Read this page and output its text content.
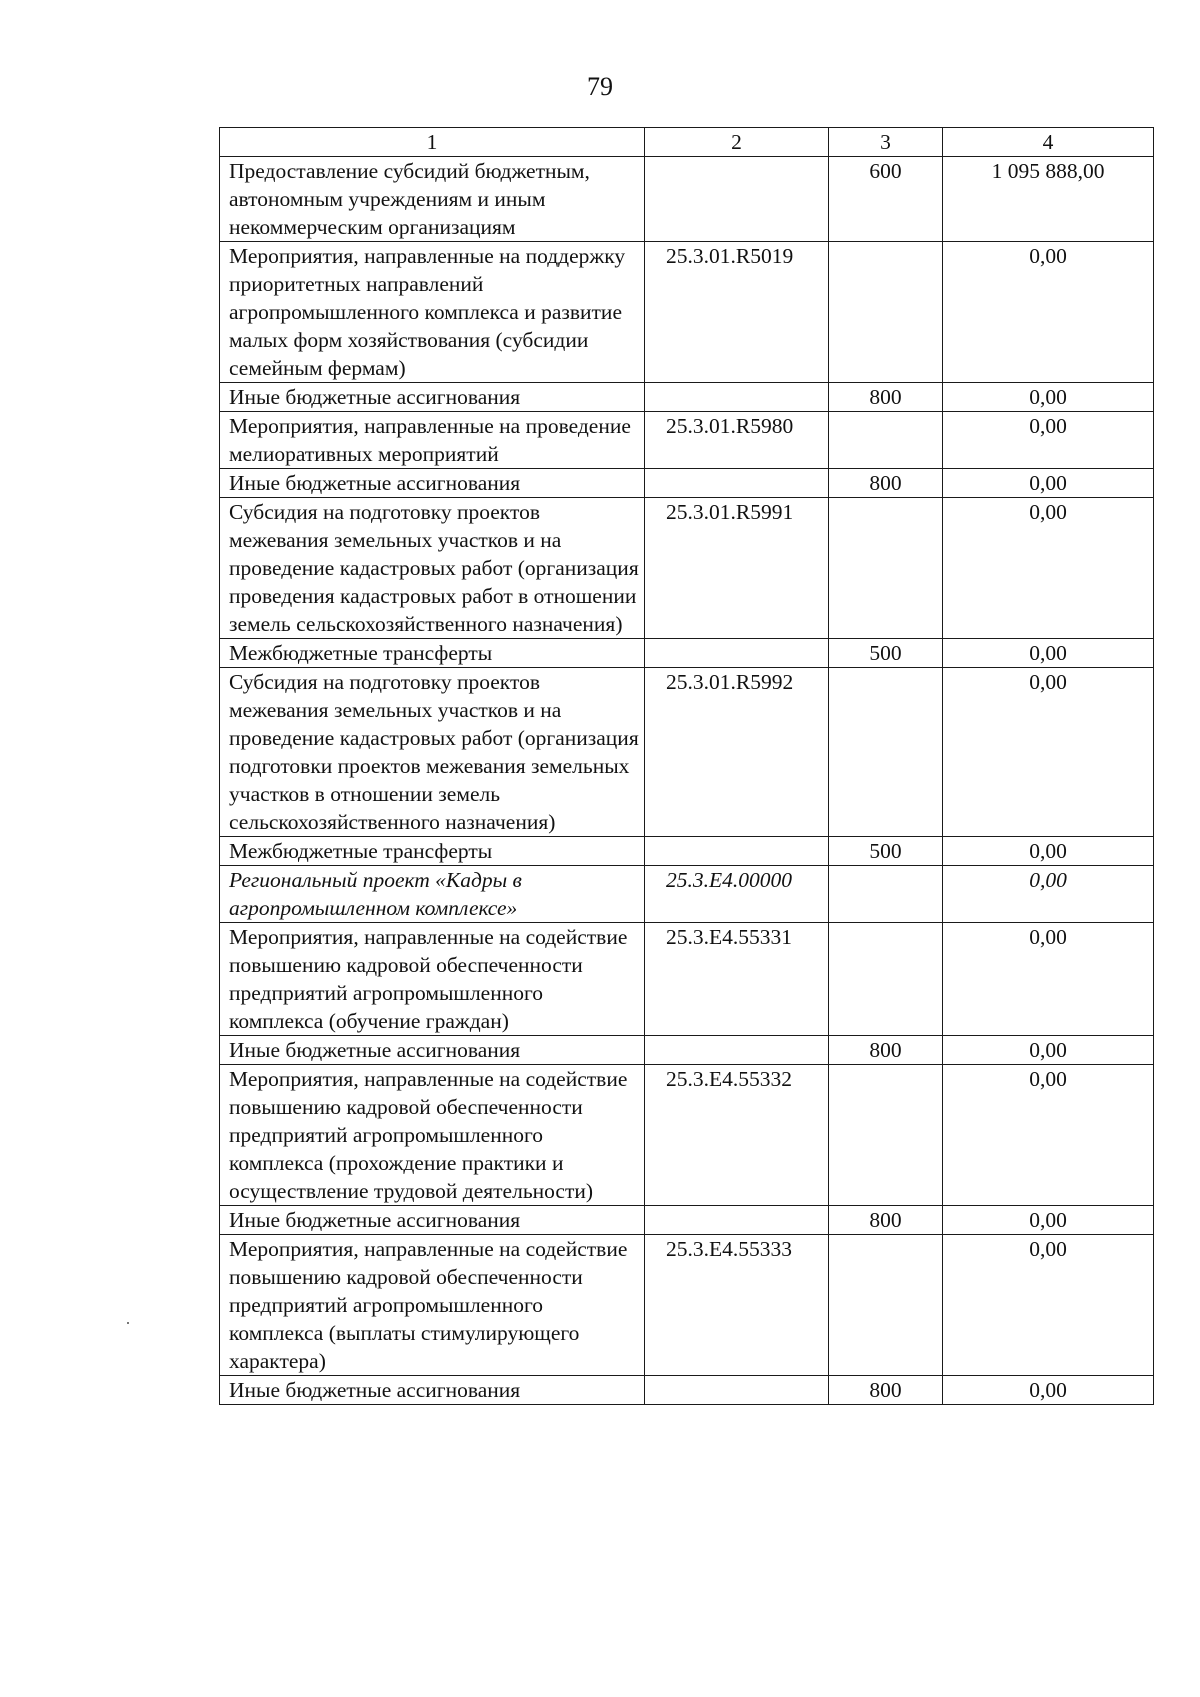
79
1	2	3	4
Предоставление субсидий бюджетным, автономным учреждениям и иным некоммерческим организациям		600	1 095 888,00
Мероприятия, направленные на поддержку приоритетных направлений агропромышленного комплекса и развитие малых форм хозяйствования (субсидии семейным фермам)	25.3.01.R5019		0,00
Иные бюджетные ассигнования		800	0,00
Мероприятия, направленные на проведение мелиоративных мероприятий	25.3.01.R5980		0,00
Иные бюджетные ассигнования		800	0,00
Субсидия на подготовку проектов межевания земельных участков и на проведение кадастровых работ (организация проведения кадастровых работ в отношении земель сельскохозяйственного назначения)	25.3.01.R5991		0,00
Межбюджетные трансферты		500	0,00
Субсидия на подготовку проектов межевания земельных участков и на проведение кадастровых работ (организация подготовки проектов межевания земельных участков в отношении земель сельскохозяйственного назначения)	25.3.01.R5992		0,00
Межбюджетные трансферты		500	0,00
Региональный проект «Кадры в агропромышленном комплексе»	25.3.E4.00000		0,00
Мероприятия, направленные на содействие повышению кадровой обеспеченности предприятий агропромышленного комплекса (обучение граждан)	25.3.E4.55331		0,00
Иные бюджетные ассигнования		800	0,00
Мероприятия, направленные на содействие повышению кадровой обеспеченности предприятий агропромышленного комплекса (прохождение практики и осуществление трудовой деятельности)	25.3.E4.55332		0,00
Иные бюджетные ассигнования		800	0,00
Мероприятия, направленные на содействие повышению кадровой обеспеченности предприятий агропромышленного комплекса (выплаты стимулирующего характера)	25.3.E4.55333		0,00
Иные бюджетные ассигнования		800	0,00
